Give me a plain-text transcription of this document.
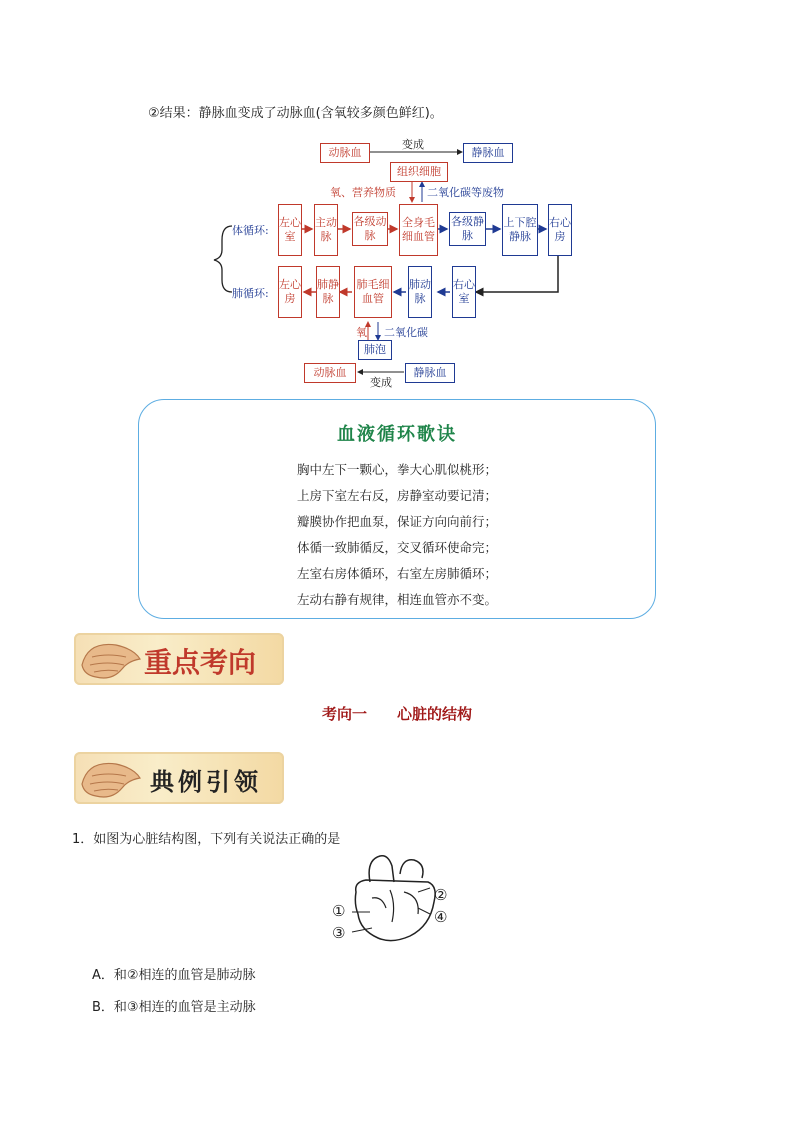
②结果：静脉血变成了动脉血(含氧较多颜色鲜红)。
动脉血
变成
静脉血
组织细胞
氧、营养物质	二氧化碳等废物
体循环:
肺循环:
左心室
主动脉
各级动脉
全身毛细血管
各级静脉
上下腔静脉
右心房
左心房
肺静脉
肺毛细血管
肺动脉
右心室
氧 二氧化碳
肺泡
动脉血
变成
静脉血
血液循环歌诀
胸中左下一颗心，拳大心肌似桃形；
上房下室左右反，房静室动要记清；
瓣膜协作把血泵，保证方向向前行；
体循一致肺循反，交叉循环使命完；
左室右房体循环，右室左房肺循环；
左动右静有规律，相连血管亦不变。
重点考向
考向一　　心脏的结构
典例引领
1．如图为心脏结构图，下列有关说法正确的是
①
②
③
④
A．和②相连的血管是肺动脉
B．和③相连的血管是主动脉
